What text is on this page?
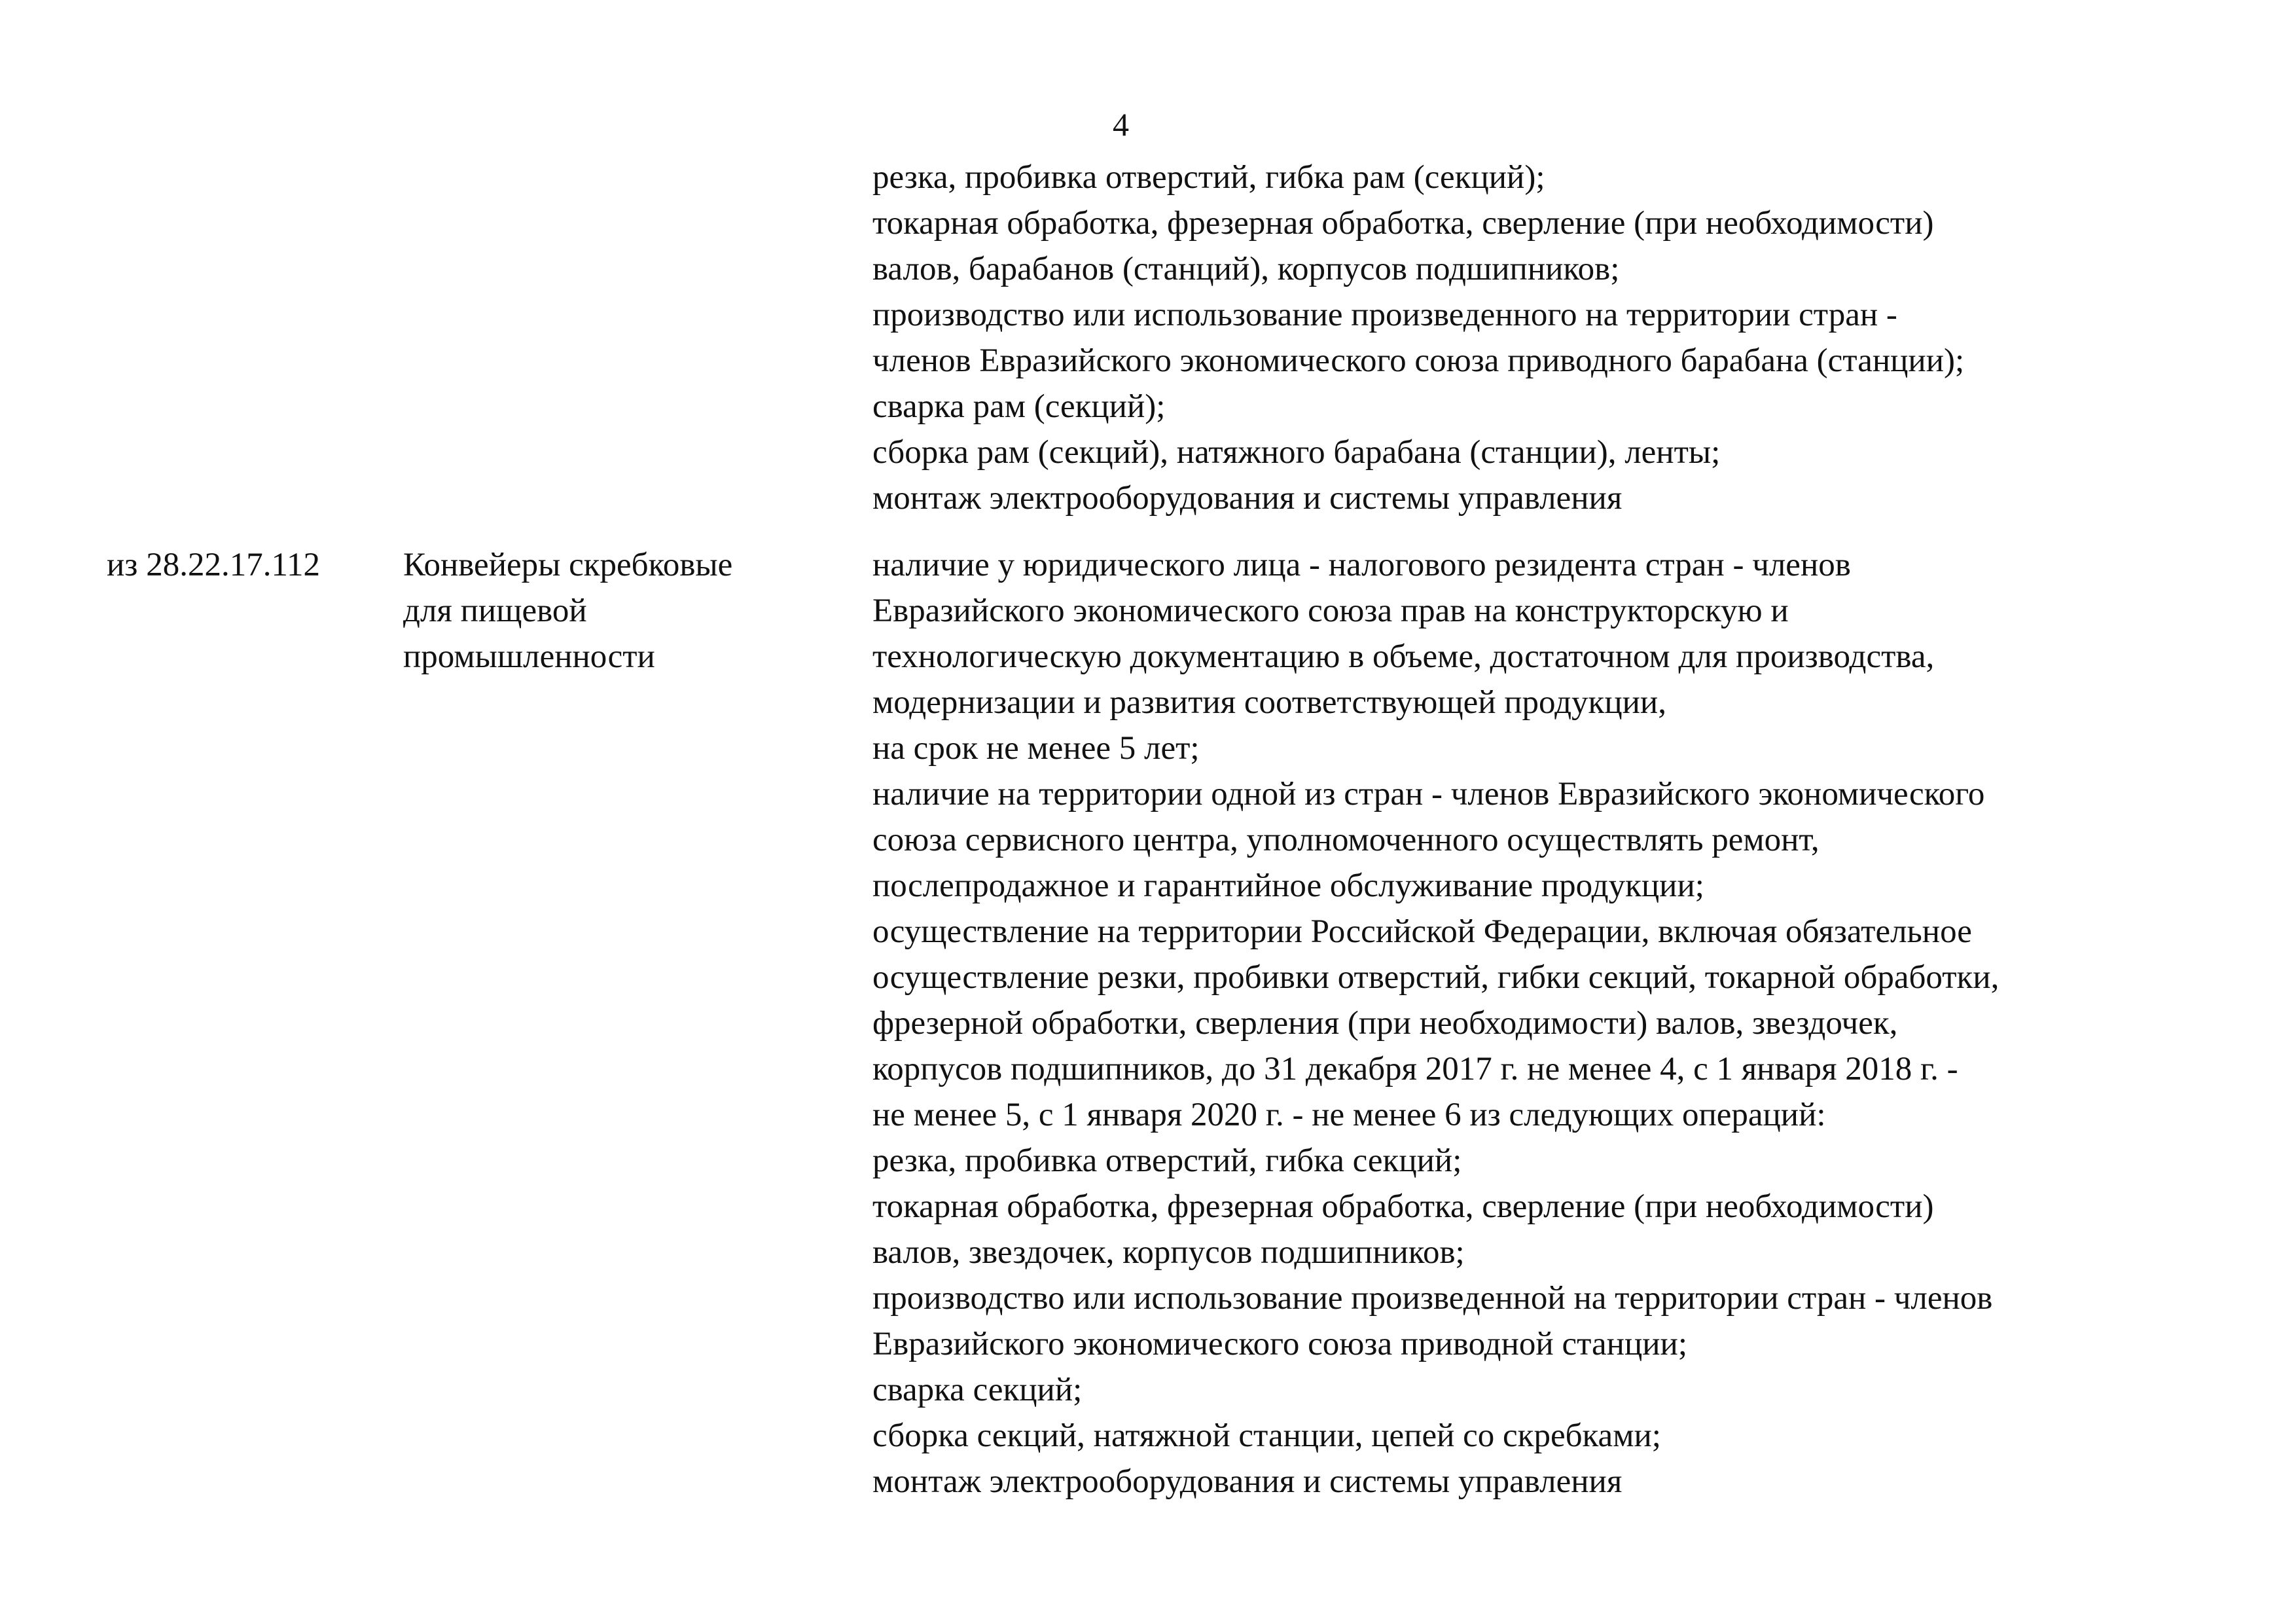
4
резка, пробивка отверстий, гибка рам (секций);
токарная обработка, фрезерная обработка, сверление (при необходимости)
валов, барабанов (станций), корпусов подшипников;
производство или использование произведенного на территории стран -
членов Евразийского экономического союза приводного барабана (станции);
сварка рам (секций);
сборка рам (секций), натяжного барабана (станции), ленты;
монтаж электрооборудования и системы управления
из 28.22.17.112 Конвейеры скребковые
для пищевой
промышленности
наличие у юридического лица - налогового резидента стран - членов
Евразийского экономического союза прав на конструкторскую и
технологическую документацию в объеме, достаточном для производства,
модернизации и развития соответствующей продукции,
на срок не менее 5 лет;
наличие на территории одной из стран - членов Евразийского экономического
союза сервисного центра, уполномоченного осуществлять ремонт,
послепродажное и гарантийное обслуживание продукции;
осуществление на территории Российской Федерации, включая обязательное
осуществление резки, пробивки отверстий, гибки секций, токарной обработки,
фрезерной обработки, сверления (при необходимости) валов, звездочек,
корпусов подшипников, до 31 декабря 2017 г. не менее 4, с 1 января 2018 г. -
не менее 5, с 1 января 2020 г. - не менее 6 из следующих операций:
резка, пробивка отверстий, гибка секций;
токарная обработка, фрезерная обработка, сверление (при необходимости)
валов, звездочек, корпусов подшипников;
производство или использование произведенной на территории стран - членов
Евразийского экономического союза приводной станции;
сварка секций;
сборка секций, натяжной станции, цепей со скребками;
монтаж электрооборудования и системы управления
